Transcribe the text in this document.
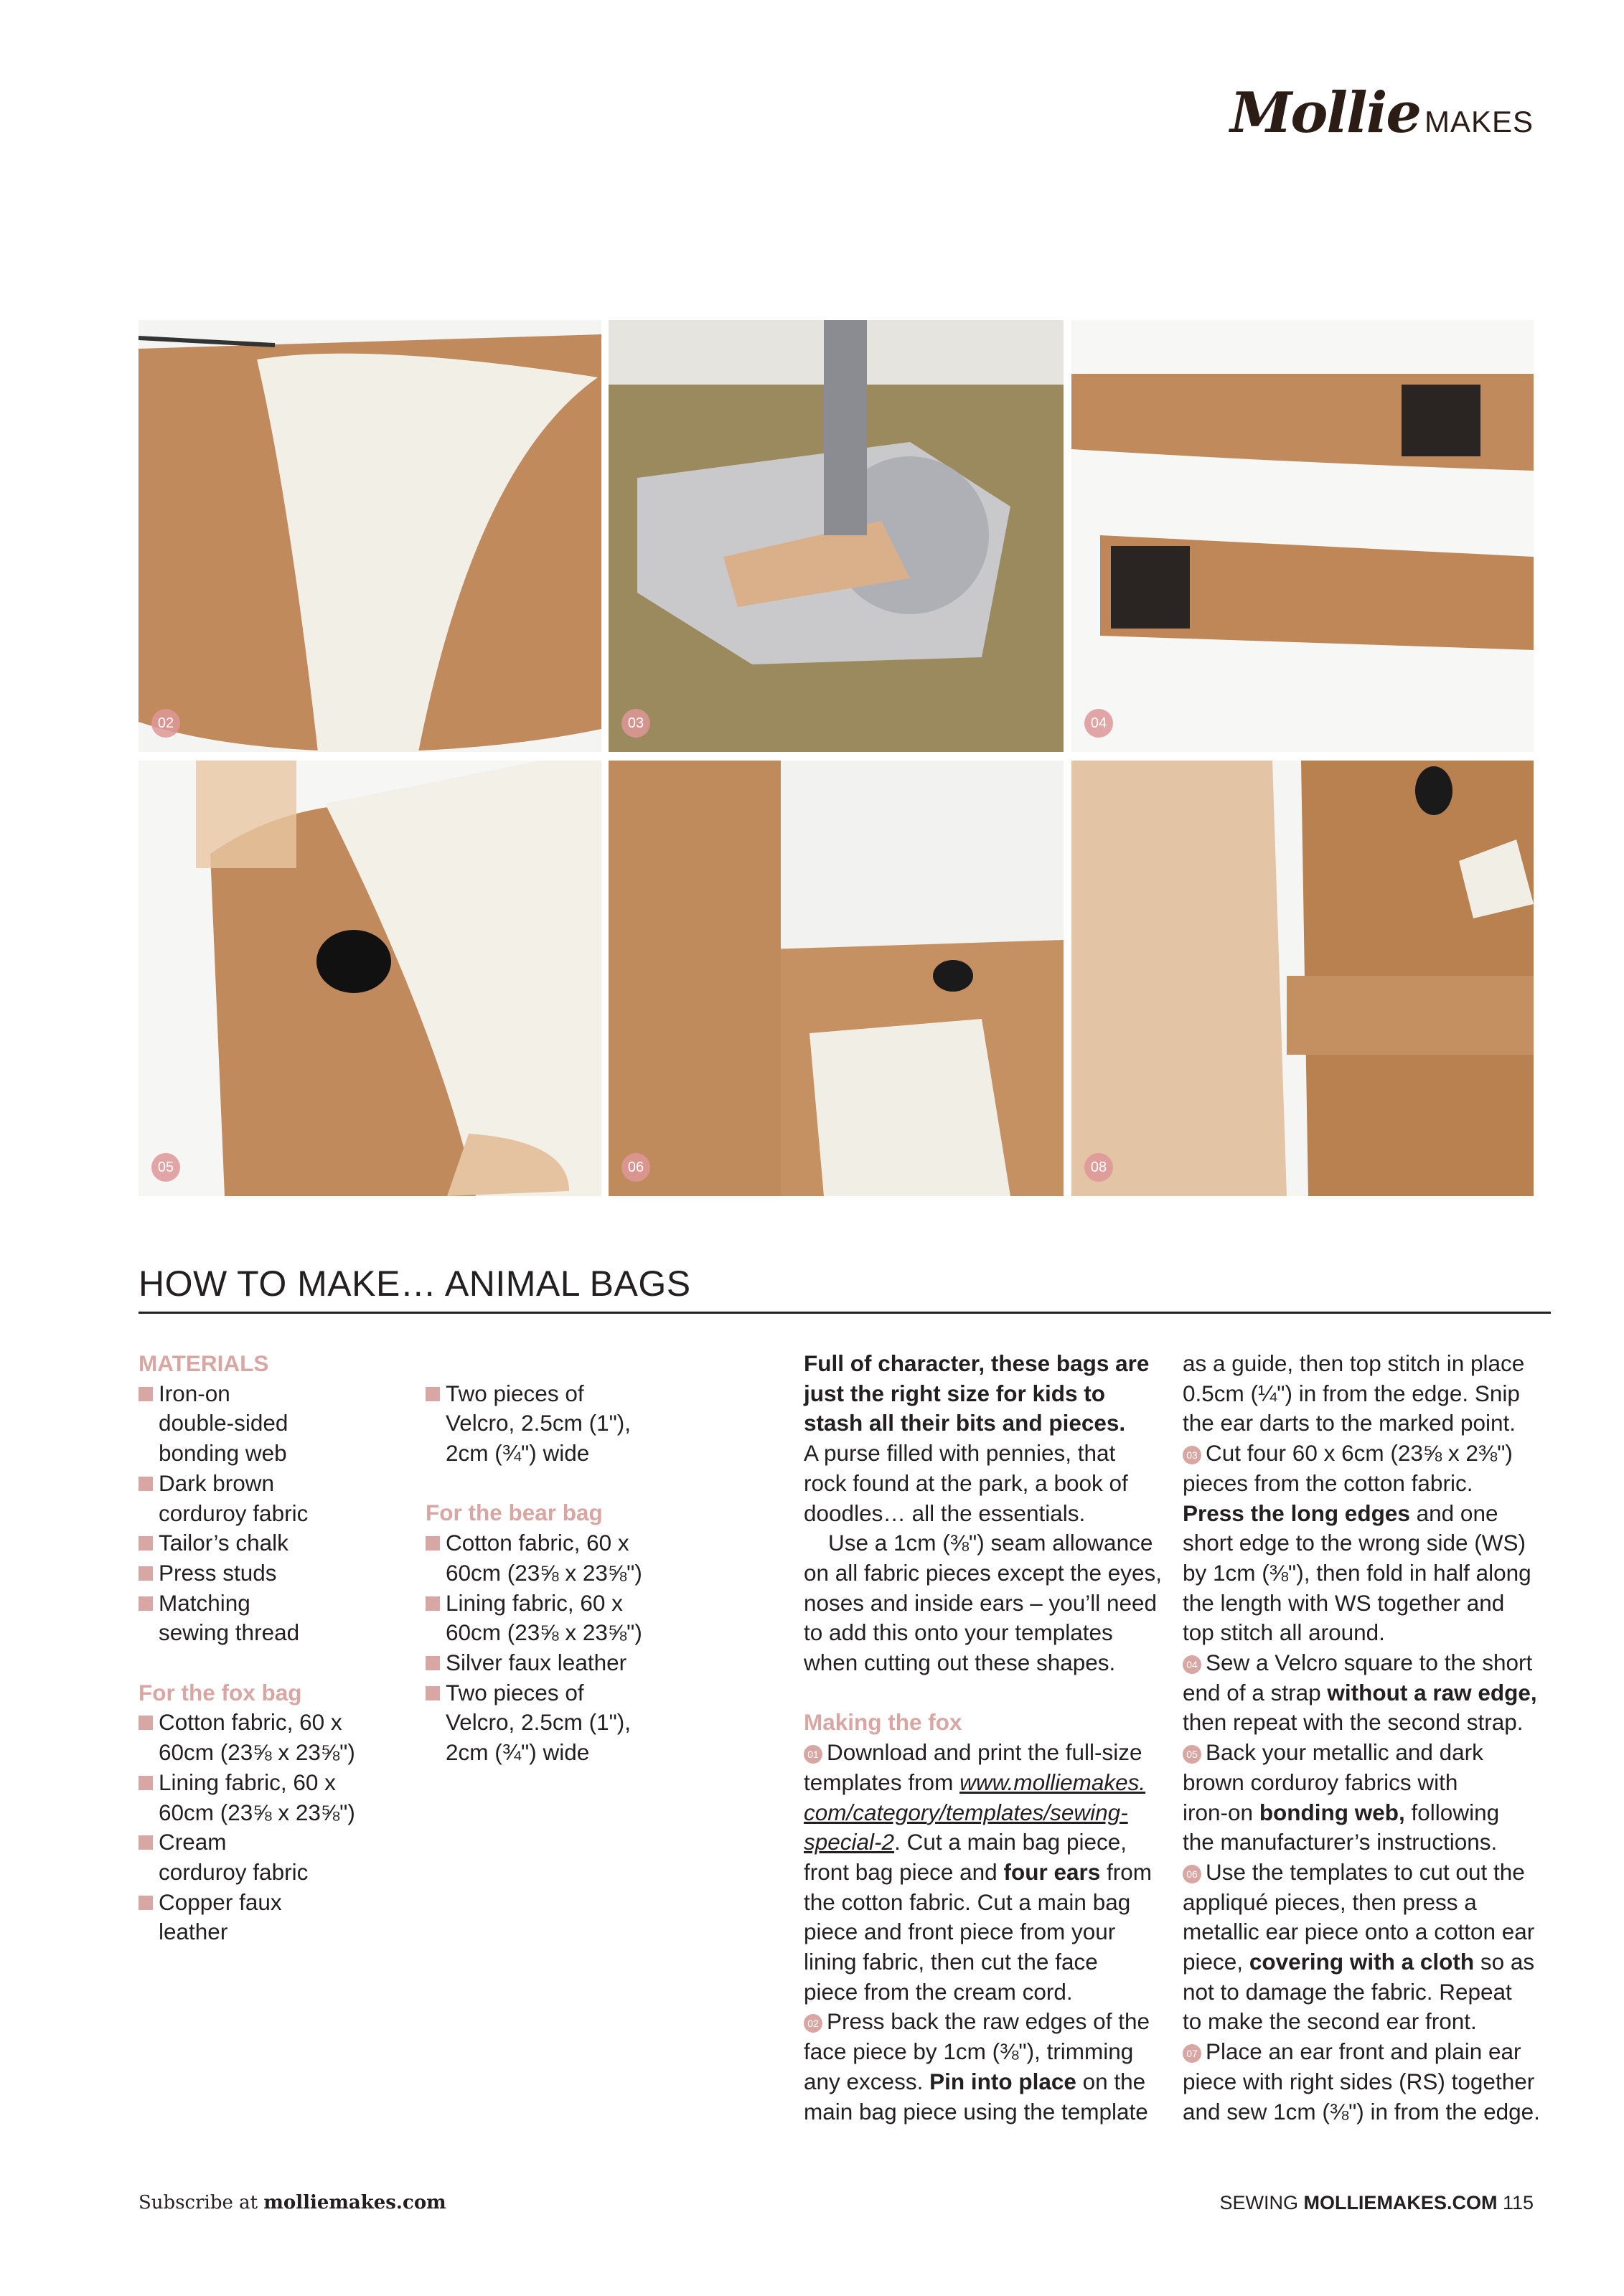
Mollie MAKES
02	03	04
05	06	08
HOW TO MAKE… ANIMAL BAGS
MATERIALS
Iron-on
double-sided
bonding web
Dark brown
corduroy fabric
Tailor’s chalk
Press studs
Matching
sewing thread
For the fox bag
Cotton fabric, 60 x
60cm (23⅝ x 23⅝")
Lining fabric, 60 x
60cm (23⅝ x 23⅝")
Cream
corduroy fabric
Copper faux
leather
Two pieces of
Velcro, 2.5cm (1"),
2cm (¾") wide
For the bear bag
Cotton fabric, 60 x
60cm (23⅝ x 23⅝")
Lining fabric, 60 x
60cm (23⅝ x 23⅝")
Silver faux leather
Two pieces of
Velcro, 2.5cm (1"),
2cm (¾") wide
Full of character, these bags are
just the right size for kids to
stash all their bits and pieces.
A purse filled with pennies, that
rock found at the park, a book of
doodles… all the essentials.
Use a 1cm (⅜") seam allowance
on all fabric pieces except the eyes,
noses and inside ears – you’ll need
to add this onto your templates
when cutting out these shapes.
Making the fox
01 Download and print the full-size
templates from www.molliemakes.
com/category/templates/sewing-
special-2. Cut a main bag piece,
front bag piece and four ears from
the cotton fabric. Cut a main bag
piece and front piece from your
lining fabric, then cut the face
piece from the cream cord.
02 Press back the raw edges of the
face piece by 1cm (⅜"), trimming
any excess. Pin into place on the
main bag piece using the template
as a guide, then top stitch in place
0.5cm (¼") in from the edge. Snip
the ear darts to the marked point.
03 Cut four 60 x 6cm (23⅝ x 2⅜")
pieces from the cotton fabric.
Press the long edges and one
short edge to the wrong side (WS)
by 1cm (⅜"), then fold in half along
the length with WS together and
top stitch all around.
04 Sew a Velcro square to the short
end of a strap without a raw edge,
then repeat with the second strap.
05 Back your metallic and dark
brown corduroy fabrics with
iron-on bonding web, following
the manufacturer’s instructions.
06 Use the templates to cut out the
appliqué pieces, then press a
metallic ear piece onto a cotton ear
piece, covering with a cloth so as
not to damage the fabric. Repeat
to make the second ear front.
07 Place an ear front and plain ear
piece with right sides (RS) together
and sew 1cm (⅜") in from the edge.
Subscribe at molliemakes.com	SEWING MOLLIEMAKES.COM 115
